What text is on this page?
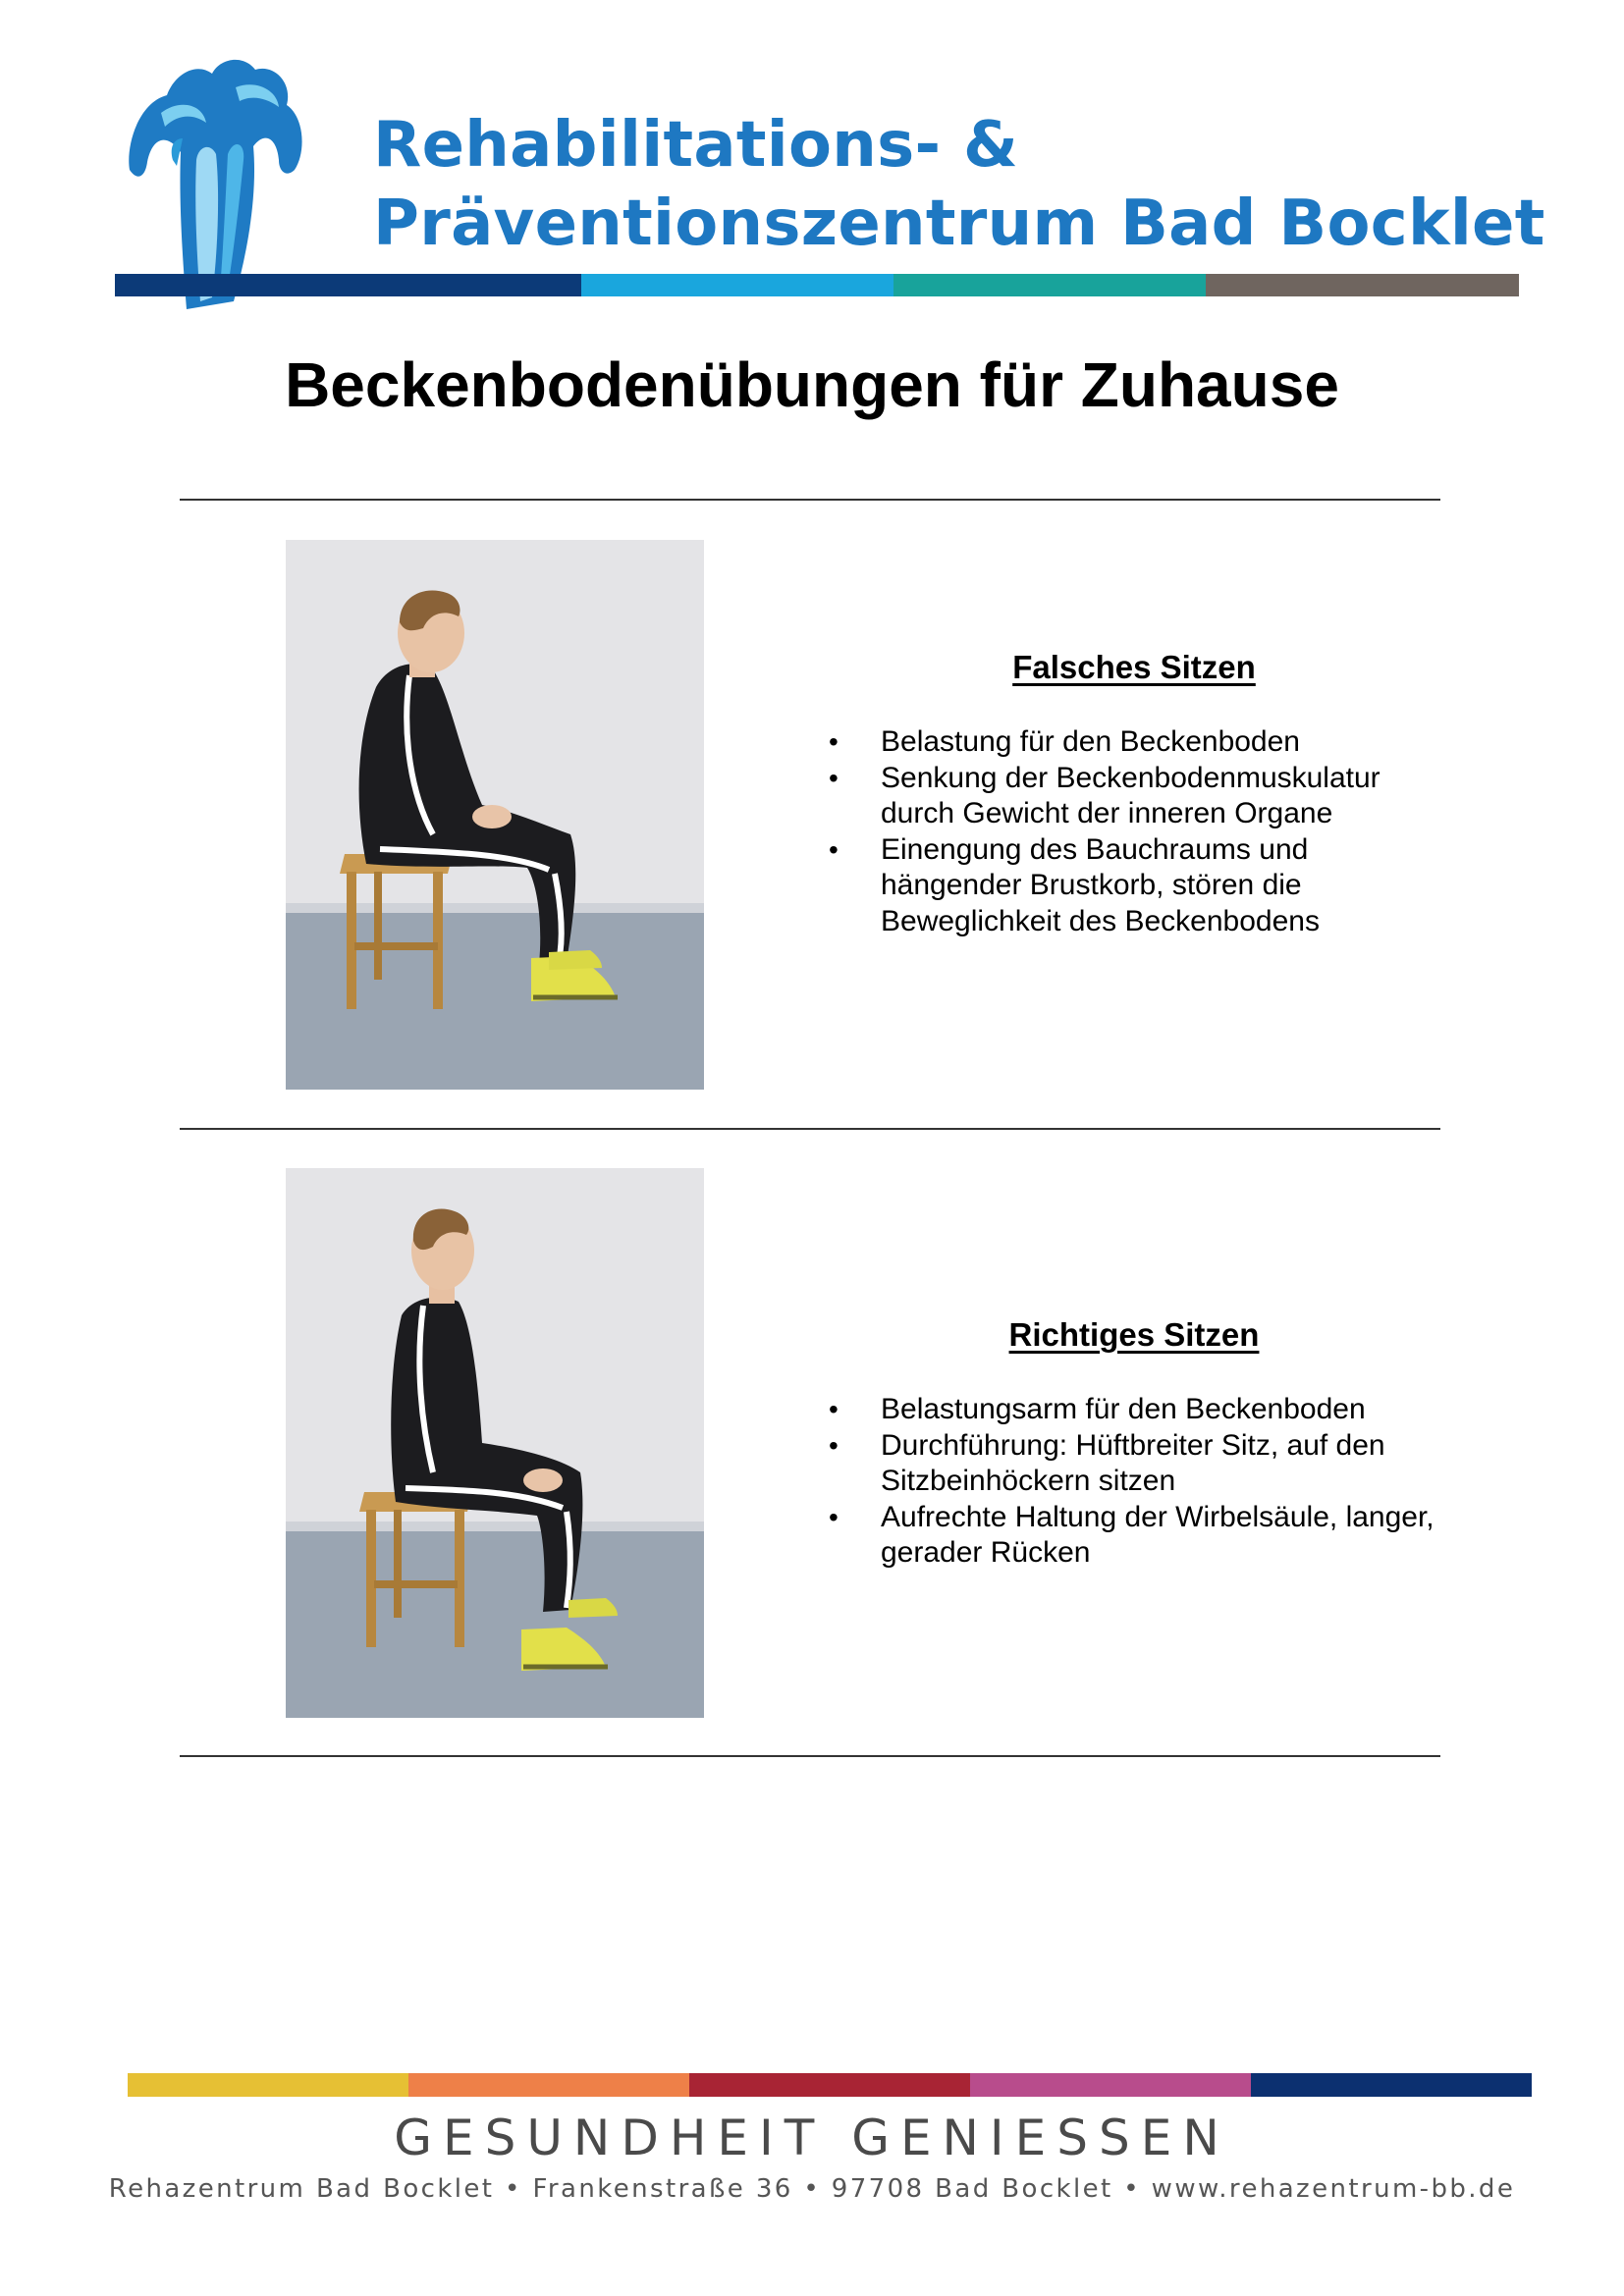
Rehabilitations- &
Präventionszentrum Bad Bocklet
Beckenbodenübungen für Zuhause
Falsches Sitzen
• Belastung für den Beckenboden
• Senkung der Beckenbodenmuskulatur durch Gewicht der inneren Organe
• Einengung des Bauchraums und hängender Brustkorb, stören die Beweglichkeit des Beckenbodens
Richtiges Sitzen
• Belastungsarm für den Beckenboden
• Durchführung: Hüftbreiter Sitz, auf den Sitzbeinhöckern sitzen
• Aufrechte Haltung der Wirbelsäule, langer, gerader Rücken
GESUNDHEIT GENIESSEN
Rehazentrum Bad Bocklet • Frankenstraße 36 • 97708 Bad Bocklet • www.rehazentrum-bb.de
